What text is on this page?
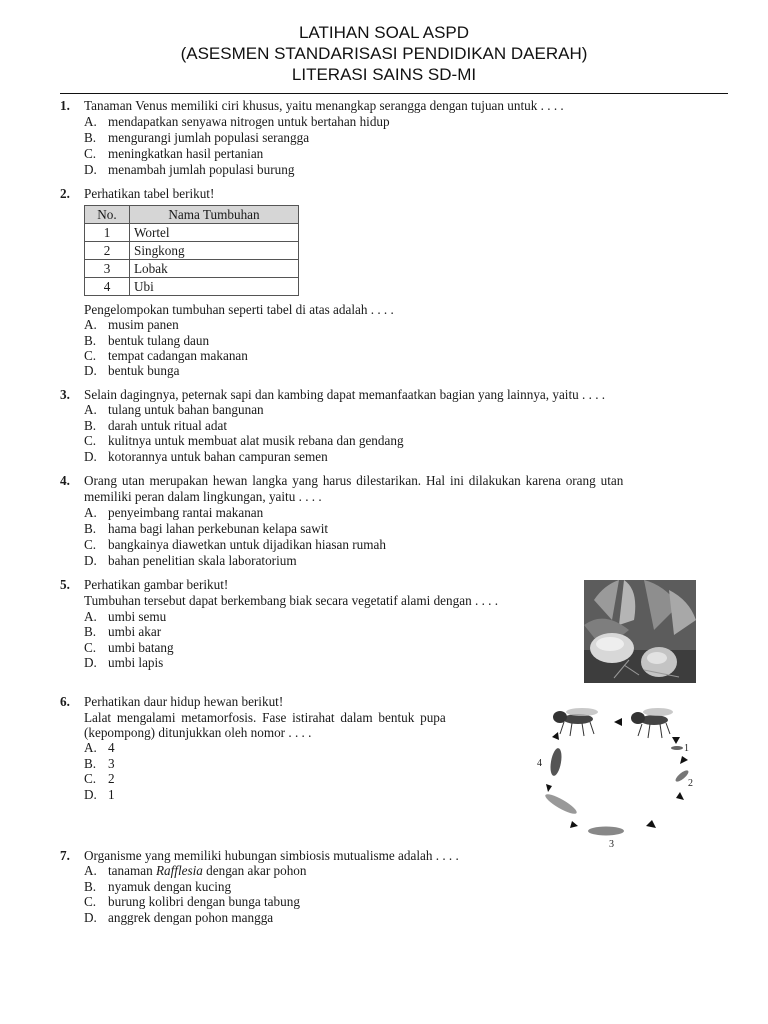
LATIHAN SOAL ASPD
(ASESMEN STANDARISASI PENDIDIKAN DAERAH)
LITERASI SAINS SD-MI
1. Tanaman Venus memiliki ciri khusus, yaitu menangkap serangga dengan tujuan untuk . . . .
A. mendapatkan senyawa nitrogen untuk bertahan hidup
B. mengurangi jumlah populasi serangga
C. meningkatkan hasil pertanian
D. menambah jumlah populasi burung
2. Perhatikan tabel berikut!
No.	Nama Tumbuhan
1	Wortel
2	Singkong
3	Lobak
4	Ubi
Pengelompokan tumbuhan seperti tabel di atas adalah . . . .
A. musim panen
B. bentuk tulang daun
C. tempat cadangan makanan
D. bentuk bunga
3. Selain dagingnya, peternak sapi dan kambing dapat memanfaatkan bagian yang lainnya, yaitu . . . .
A. tulang untuk bahan bangunan
B. darah untuk ritual adat
C. kulitnya untuk membuat alat musik rebana dan gendang
D. kotorannya untuk bahan campuran semen
4. Orang utan merupakan hewan langka yang harus dilestarikan. Hal ini dilakukan karena orang utan
memiliki peran dalam lingkungan, yaitu . . . .
A. penyeimbang rantai makanan
B. hama bagi lahan perkebunan kelapa sawit
C. bangkainya diawetkan untuk dijadikan hiasan rumah
D. bahan penelitian skala laboratorium
5. Perhatikan gambar berikut!
Tumbuhan tersebut dapat berkembang biak secara vegetatif alami dengan . . . .
A. umbi semu
B. umbi akar
C. umbi batang
D. umbi lapis
6. Perhatikan daur hidup hewan berikut!
Lalat mengalami metamorfosis. Fase istirahat dalam bentuk pupa
(kepompong) ditunjukkan oleh nomor . . . .
A. 4
B. 3
C. 2
D. 1
1
2
3
4
7. Organisme yang memiliki hubungan simbiosis mutualisme adalah . . . .
A. tanaman Rafflesia dengan akar pohon
B. nyamuk dengan kucing
C. burung kolibri dengan bunga tabung
D. anggrek dengan pohon mangga
